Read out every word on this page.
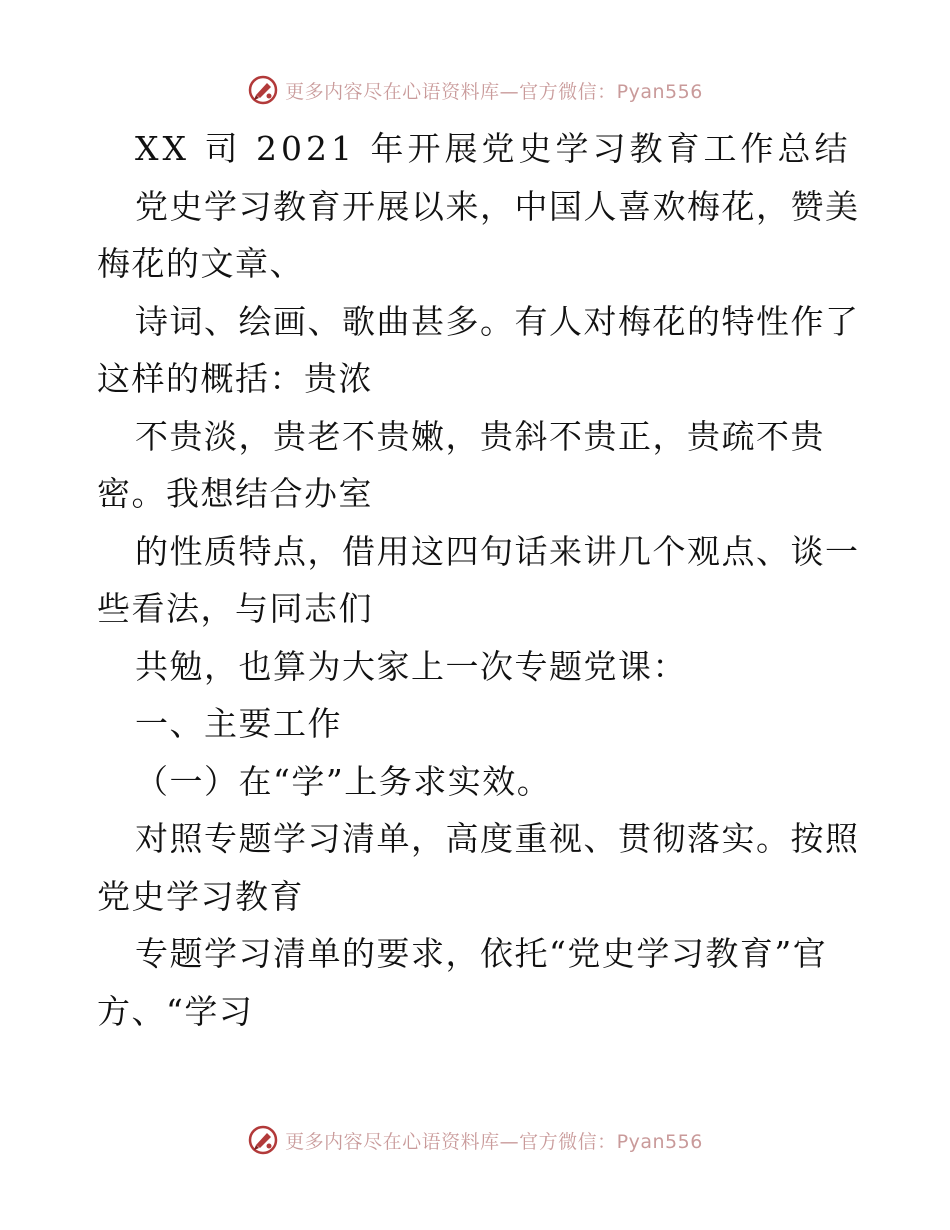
更多内容尽在心语资料库—官方微信：Pyan556
XX 司 2021 年开展党史学习教育工作总结
党史学习教育开展以来，中国人喜欢梅花，赞美
梅花的文章、
诗词、绘画、歌曲甚多。有人对梅花的特性作了
这样的概括：贵浓
不贵淡，贵老不贵嫩，贵斜不贵正，贵疏不贵
密。我想结合办室
的性质特点，借用这四句话来讲几个观点、谈一
些看法，与同志们
共勉，也算为大家上一次专题党课：
一、主要工作
（一）在“学”上务求实效。
对照专题学习清单，高度重视、贯彻落实。按照
党史学习教育
专题学习清单的要求，依托“党史学习教育”官
方、“学习
更多内容尽在心语资料库—官方微信：Pyan556
